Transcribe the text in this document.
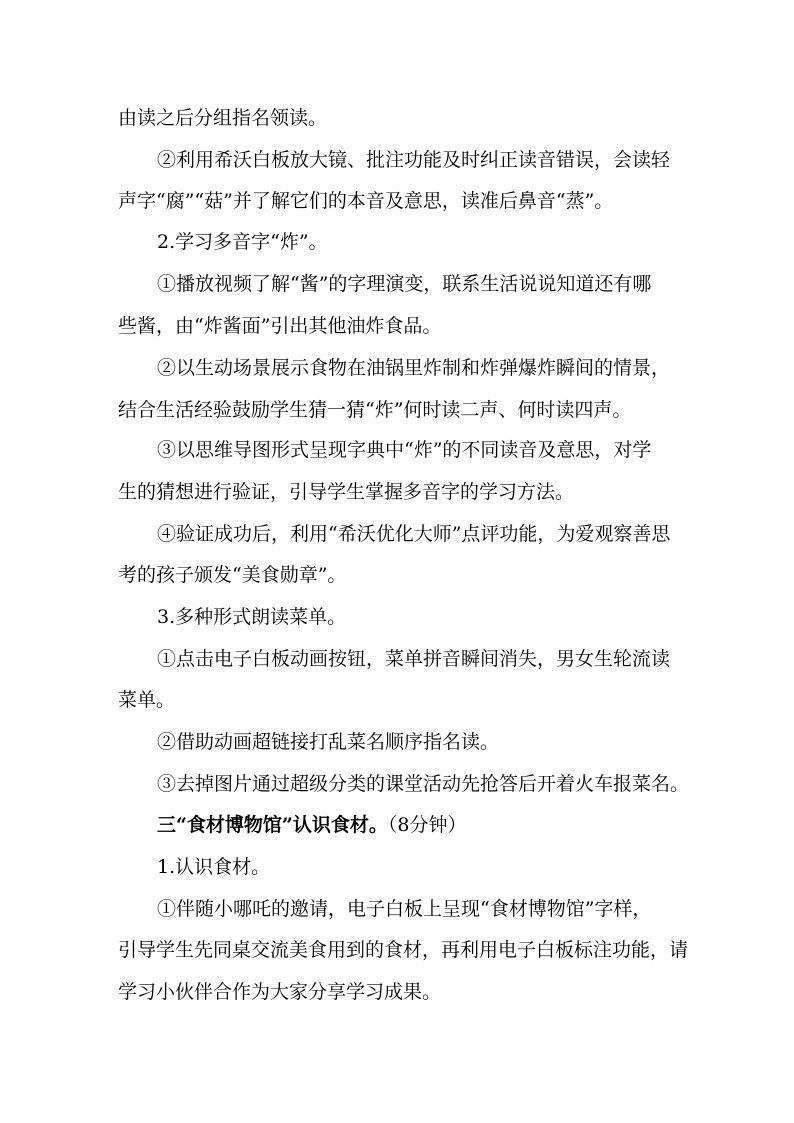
由读之后分组指名领读。
②利用希沃白板放大镜、批注功能及时纠正读音错误，会读轻
声字“腐”“菇”并了解它们的本音及意思，读准后鼻音“蒸”。
2.学习多音字“炸”。
①播放视频了解“酱”的字理演变，联系生活说说知道还有哪
些酱，由“炸酱面”引出其他油炸食品。
②以生动场景展示食物在油锅里炸制和炸弹爆炸瞬间的情景，
结合生活经验鼓励学生猜一猜“炸”何时读二声、何时读四声。
③以思维导图形式呈现字典中“炸”的不同读音及意思，对学
生的猜想进行验证，引导学生掌握多音字的学习方法。
④验证成功后，利用“希沃优化大师”点评功能，为爱观察善思
考的孩子颁发“美食勋章”。
3.多种形式朗读菜单。
①点击电子白板动画按钮，菜单拼音瞬间消失，男女生轮流读
菜单。
②借助动画超链接打乱菜名顺序指名读。
③去掉图片通过超级分类的课堂活动先抢答后开着火车报菜名。
三“食材博物馆”认识食材。（8分钟）
1.认识食材。
①伴随小哪吒的邀请，电子白板上呈现“食材博物馆”字样，
引导学生先同桌交流美食用到的食材，再利用电子白板标注功能，请
学习小伙伴合作为大家分享学习成果。
